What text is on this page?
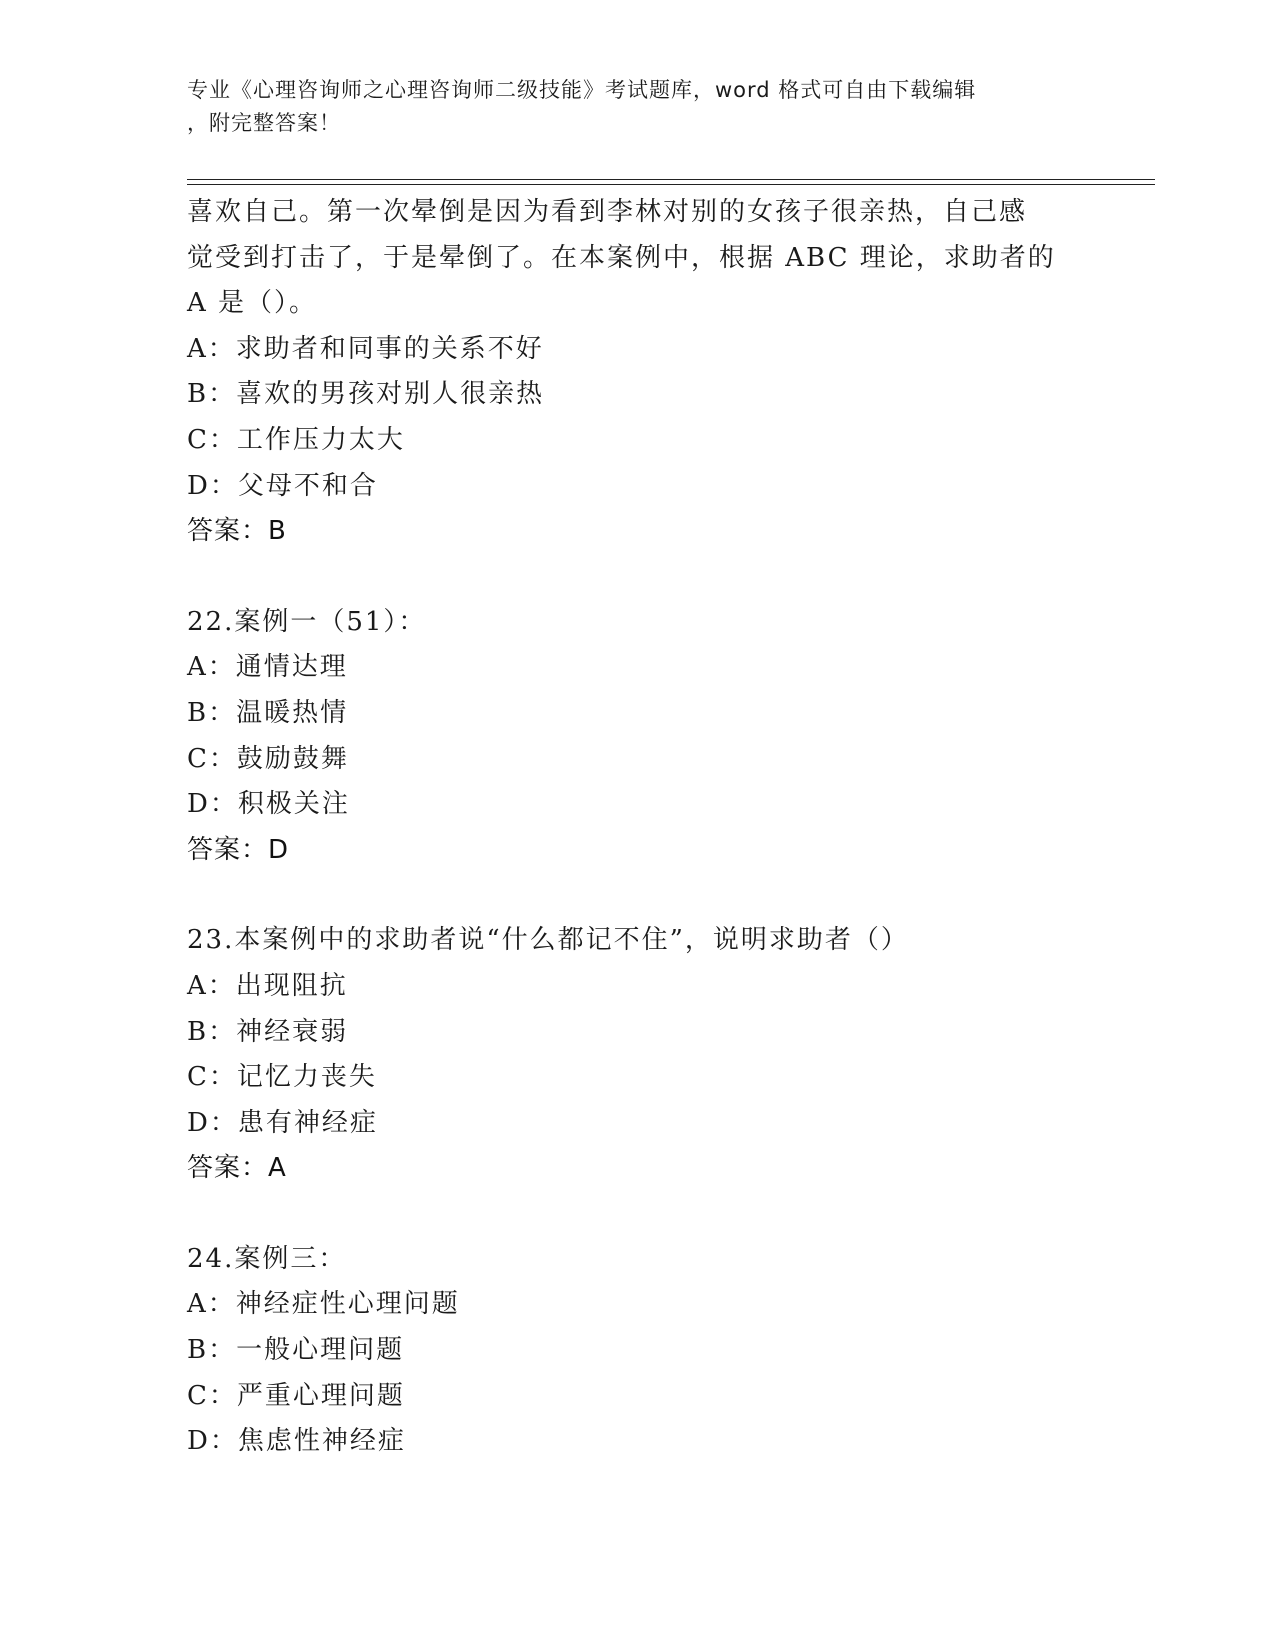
专业《心理咨询师之心理咨询师二级技能》考试题库，word 格式可自由下载编辑
，附完整答案！

喜欢自己。第一次晕倒是因为看到李林对别的女孩子很亲热，自己感

觉受到打击了，于是晕倒了。在本案例中，根据 ABC 理论，求助者的

A 是（）。

A：求助者和同事的关系不好

B：喜欢的男孩对别人很亲热

C：工作压力太大

D：父母不和合

答案：B

22.案例一（51）：

A：通情达理

B：温暖热情

C：鼓励鼓舞

D：积极关注

答案：D

23.本案例中的求助者说“什么都记不住”，说明求助者（）

A：出现阻抗

B：神经衰弱

C：记忆力丧失

D：患有神经症

答案：A

24.案例三：

A：神经症性心理问题

B：一般心理问题

C：严重心理问题

D：焦虑性神经症
